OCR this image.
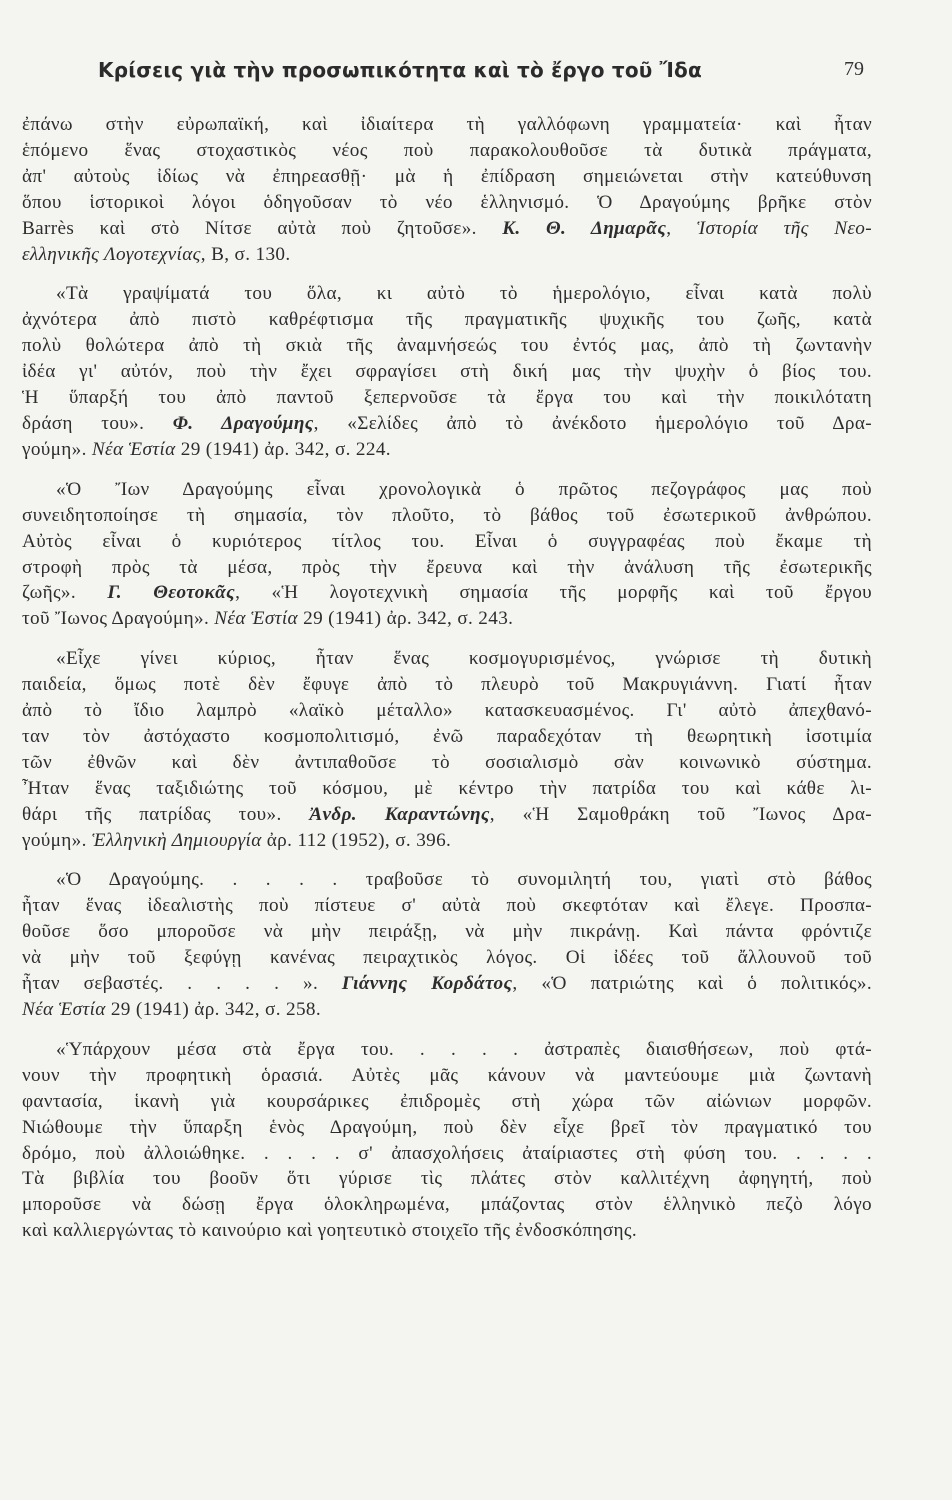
Κρίσεις γιὰ τὴν προσωπικότητα καὶ τὸ ἔργο τοῦ Ἴδα	79
ἐπάνω στὴν εὐρωπαϊκή, καὶ ἰδιαίτερα τὴ γαλλόφωνη γραμματεία· καὶ ἦταν
ἑπόμενο ἕνας στοχαστικὸς νέος ποὺ παρακολουθοῦσε τὰ δυτικὰ πράγματα,
ἀπ' αὐτοὺς ἰδίως νὰ ἐπηρεασθῇ· μὰ ἡ ἐπίδραση σημειώνεται στὴν κατεύθυνση
ὅπου ἱστορικοὶ λόγοι ὁδηγοῦσαν τὸ νέο ἑλληνισμό. Ὁ Δραγούμης βρῆκε στὸν
Barrès καὶ στὸ Νίτσε αὐτὰ ποὺ ζητοῦσε». Κ. Θ. Δημαρᾶς, Ἱστορία τῆς Νεο-
ελληνικῆς Λογοτεχνίας, Β, σ. 130.
«Τὰ γραψίματά του ὅλα, κι αὐτὸ τὸ ἡμερολόγιο, εἶναι κατὰ πολὺ
ἀχνότερα ἀπὸ πιστὸ καθρέφτισμα τῆς πραγματικῆς ψυχικῆς του ζωῆς, κατὰ
πολὺ θολώτερα ἀπὸ τὴ σκιὰ τῆς ἀναμνήσεώς του ἐντός μας, ἀπὸ τὴ ζωντανὴν
ἰδέα γι' αὐτόν, ποὺ τὴν ἔχει σφραγίσει στὴ δική μας τὴν ψυχὴν ὁ βίος του.
Ἡ ὕπαρξή του ἀπὸ παντοῦ ξεπερνοῦσε τὰ ἔργα του καὶ τὴν ποικιλότατη
δράση του». Φ. Δραγούμης, «Σελίδες ἀπὸ τὸ ἀνέκδοτο ἡμερολόγιο τοῦ Δρα-
γούμη». Νέα Ἑστία 29 (1941) ἀρ. 342, σ. 224.
«Ὁ Ἴων Δραγούμης εἶναι χρονολογικὰ ὁ πρῶτος πεζογράφος μας ποὺ
συνειδητοποίησε τὴ σημασία, τὸν πλοῦτο, τὸ βάθος τοῦ ἐσωτερικοῦ ἀνθρώπου.
Αὐτὸς εἶναι ὁ κυριότερος τίτλος του. Εἶναι ὁ συγγραφέας ποὺ ἔκαμε τὴ
στροφὴ πρὸς τὰ μέσα, πρὸς τὴν ἔρευνα καὶ τὴν ἀνάλυση τῆς ἐσωτερικῆς
ζωῆς». Γ. Θεοτοκᾶς, «Ἡ λογοτεχνικὴ σημασία τῆς μορφῆς καὶ τοῦ ἔργου
τοῦ Ἴωνος Δραγούμη». Νέα Ἑστία 29 (1941) ἀρ. 342, σ. 243.
«Εἶχε γίνει κύριος, ἦταν ἕνας κοσμογυρισμένος, γνώρισε τὴ δυτικὴ
παιδεία, ὅμως ποτὲ δὲν ἔφυγε ἀπὸ τὸ πλευρὸ τοῦ Μακρυγιάννη. Γιατί ἦταν
ἀπὸ τὸ ἴδιο λαμπρὸ «λαϊκὸ μέταλλο» κατασκευασμένος. Γι' αὐτὸ ἀπεχθανό-
ταν τὸν ἀστόχαστο κοσμοπολιτισμό, ἐνῶ παραδεχόταν τὴ θεωρητικὴ ἰσοτιμία
τῶν ἐθνῶν καὶ δὲν ἀντιπαθοῦσε τὸ σοσιαλισμὸ σὰν κοινωνικὸ σύστημα.
Ἦταν ἕνας ταξιδιώτης τοῦ κόσμου, μὲ κέντρο τὴν πατρίδα του καὶ κάθε λι-
θάρι τῆς πατρίδας του». Ἀνδρ. Καραντώνης, «Ἡ Σαμοθράκη τοῦ Ἴωνος Δρα-
γούμη». Ἑλληνικὴ Δημιουργία ἀρ. 112 (1952), σ. 396.
«Ὁ Δραγούμης. . . . . τραβοῦσε τὸ συνομιλητή του, γιατὶ στὸ βάθος
ἦταν ἕνας ἰδεαλιστὴς ποὺ πίστευε σ' αὐτὰ ποὺ σκεφτόταν καὶ ἔλεγε. Προσπα-
θοῦσε ὅσο μποροῦσε νὰ μὴν πειράξῃ, νὰ μὴν πικράνῃ. Καὶ πάντα φρόντιζε
νὰ μὴν τοῦ ξεφύγῃ κανένας πειραχτικὸς λόγος. Οἱ ἰδέες τοῦ ἄλλουνοῦ τοῦ
ἦταν σεβαστές. . . . . ». Γιάννης Κορδάτος, «Ὁ πατριώτης καὶ ὁ πολιτικός».
Νέα Ἑστία 29 (1941) ἀρ. 342, σ. 258.
«Ὑπάρχουν μέσα στὰ ἔργα του. . . . . ἀστραπὲς διαισθήσεων, ποὺ φτά-
νουν τὴν προφητικὴ ὁρασιά. Αὐτὲς μᾶς κάνουν νὰ μαντεύουμε μιὰ ζωντανὴ
φαντασία, ἱκανὴ γιὰ κουρσάρικες ἐπιδρομὲς στὴ χώρα τῶν αἰώνιων μορφῶν.
Νιώθουμε τὴν ὕπαρξη ἑνὸς Δραγούμη, ποὺ δὲν εἶχε βρεῖ τὸν πραγματικό του
δρόμο, ποὺ ἀλλοιώθηκε. . . . . σ' ἀπασχολήσεις ἀταίριαστες στὴ φύση του. . . . .
Τὰ βιβλία του βοοῦν ὅτι γύρισε τὶς πλάτες στὸν καλλιτέχνη ἀφηγητή, ποὺ
μποροῦσε νὰ δώσῃ ἔργα ὁλοκληρωμένα, μπάζοντας στὸν ἑλληνικὸ πεζὸ λόγο
καὶ καλλιεργώντας τὸ καινούριο καὶ γοητευτικὸ στοιχεῖο τῆς ἐνδοσκόπησης.
